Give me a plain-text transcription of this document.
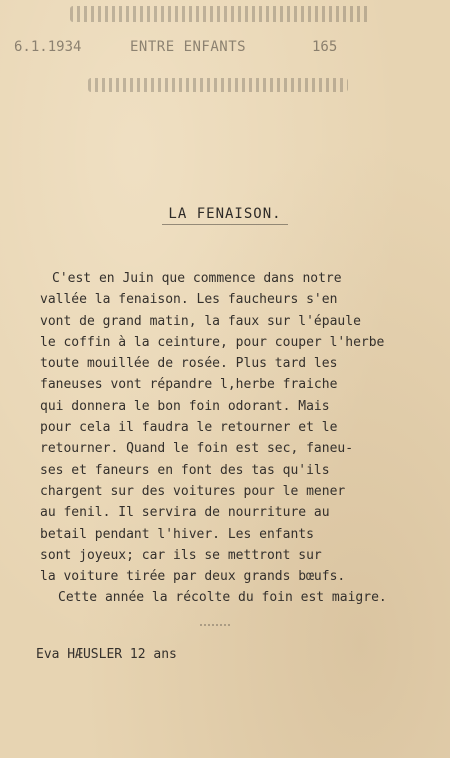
6.1.1934	ENTRE ENFANTS	165
LA FENAISON.
C'est en Juin que commence dans notre
vallée la fenaison. Les faucheurs s'en
vont de grand matin, la faux sur l'épaule
le coffin à la ceinture, pour couper l'herbe
toute mouillée de rosée. Plus tard les
faneuses vont répandre l,herbe fraiche
qui donnera le bon foin odorant. Mais
pour cela il faudra le retourner et le
retourner. Quand le foin est sec, faneu-
ses et faneurs en font des tas qu'ils
chargent sur des voitures pour le mener
au fenil. Il servira de nourriture au
betail pendant l'hiver. Les enfants
sont joyeux; car ils se mettront sur
la voiture tirée par deux grands bœufs.
Cette année la récolte du foin est maigre.
Eva HÆUSLER 12 ans
